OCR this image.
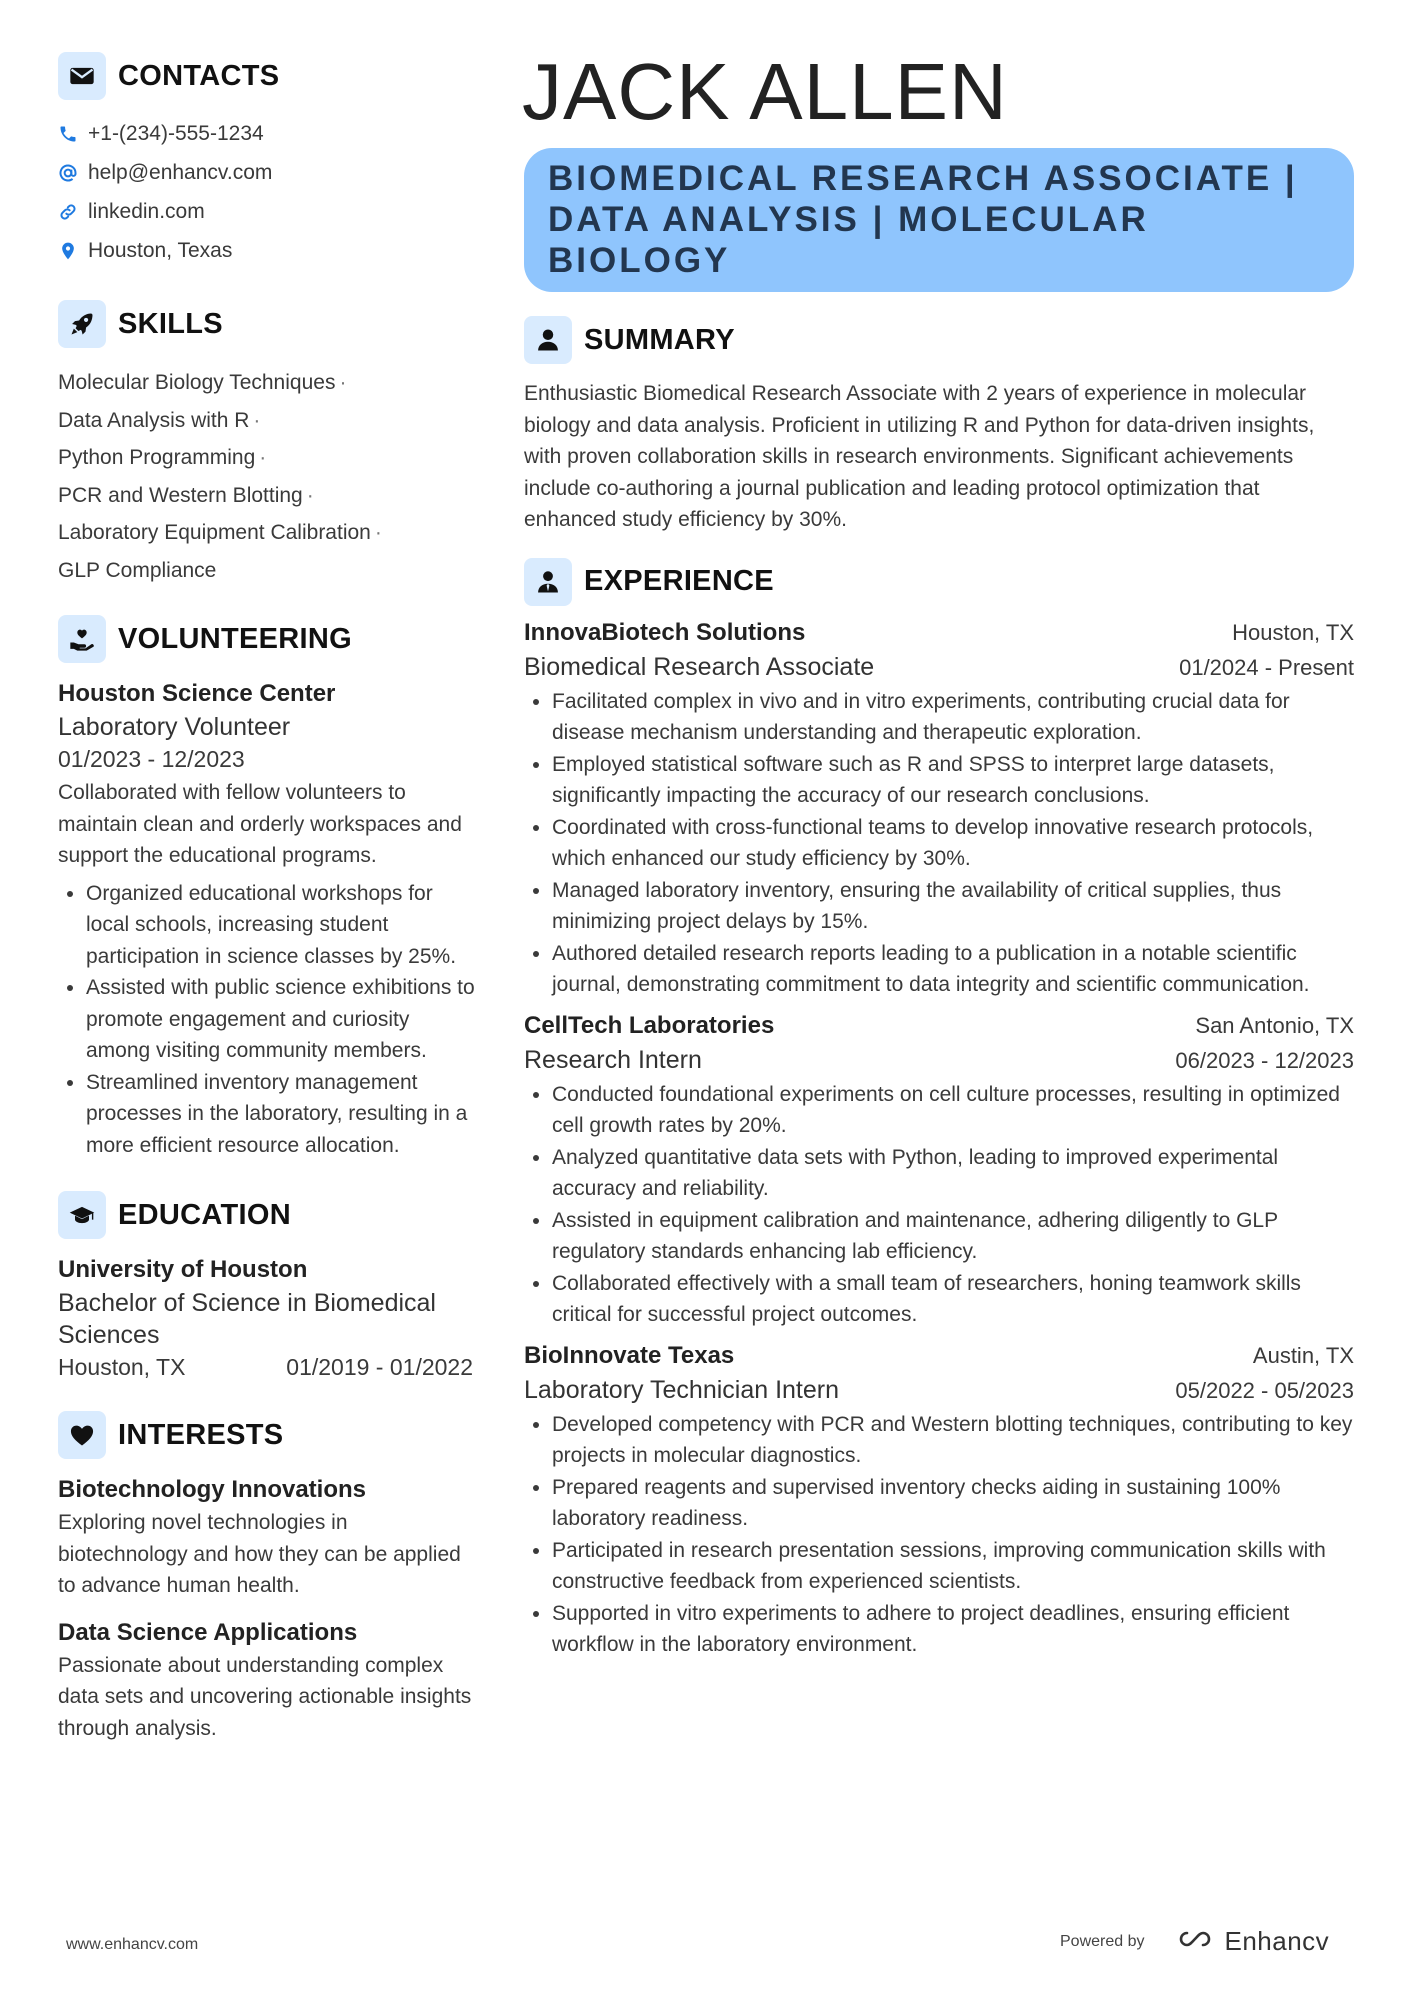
CONTACTS
+1-(234)-555-1234
help@enhancv.com
linkedin.com
Houston, Texas
SKILLS
Molecular Biology Techniques ·
Data Analysis with R ·
Python Programming ·
PCR and Western Blotting ·
Laboratory Equipment Calibration ·
GLP Compliance
VOLUNTEERING
Houston Science Center
Laboratory Volunteer
01/2023 - 12/2023
Collaborated with fellow volunteers to maintain clean and orderly workspaces and support the educational programs.
• Organized educational workshops for local schools, increasing student participation in science classes by 25%.
• Assisted with public science exhibitions to promote engagement and curiosity among visiting community members.
• Streamlined inventory management processes in the laboratory, resulting in a more efficient resource allocation.
EDUCATION
University of Houston
Bachelor of Science in Biomedical Sciences
Houston, TX	01/2019 - 01/2022
INTERESTS
Biotechnology Innovations
Exploring novel technologies in biotechnology and how they can be applied to advance human health.
Data Science Applications
Passionate about understanding complex data sets and uncovering actionable insights through analysis.
JACK ALLEN
BIOMEDICAL RESEARCH ASSOCIATE |
DATA ANALYSIS | MOLECULAR BIOLOGY
SUMMARY
Enthusiastic Biomedical Research Associate with 2 years of experience in molecular biology and data analysis. Proficient in utilizing R and Python for data-driven insights, with proven collaboration skills in research environments. Significant achievements include co-authoring a journal publication and leading protocol optimization that enhanced study efficiency by 30%.
EXPERIENCE
InnovaBiotech Solutions	Houston, TX
Biomedical Research Associate	01/2024 - Present
• Facilitated complex in vivo and in vitro experiments, contributing crucial data for disease mechanism understanding and therapeutic exploration.
• Employed statistical software such as R and SPSS to interpret large datasets, significantly impacting the accuracy of our research conclusions.
• Coordinated with cross-functional teams to develop innovative research protocols, which enhanced our study efficiency by 30%.
• Managed laboratory inventory, ensuring the availability of critical supplies, thus minimizing project delays by 15%.
• Authored detailed research reports leading to a publication in a notable scientific journal, demonstrating commitment to data integrity and scientific communication.
CellTech Laboratories	San Antonio, TX
Research Intern	06/2023 - 12/2023
• Conducted foundational experiments on cell culture processes, resulting in optimized cell growth rates by 20%.
• Analyzed quantitative data sets with Python, leading to improved experimental accuracy and reliability.
• Assisted in equipment calibration and maintenance, adhering diligently to GLP regulatory standards enhancing lab efficiency.
• Collaborated effectively with a small team of researchers, honing teamwork skills critical for successful project outcomes.
BioInnovate Texas	Austin, TX
Laboratory Technician Intern	05/2022 - 05/2023
• Developed competency with PCR and Western blotting techniques, contributing to key projects in molecular diagnostics.
• Prepared reagents and supervised inventory checks aiding in sustaining 100% laboratory readiness.
• Participated in research presentation sessions, improving communication skills with constructive feedback from experienced scientists.
• Supported in vitro experiments to adhere to project deadlines, ensuring efficient workflow in the laboratory environment.
www.enhancv.com	Powered by	Enhancv
